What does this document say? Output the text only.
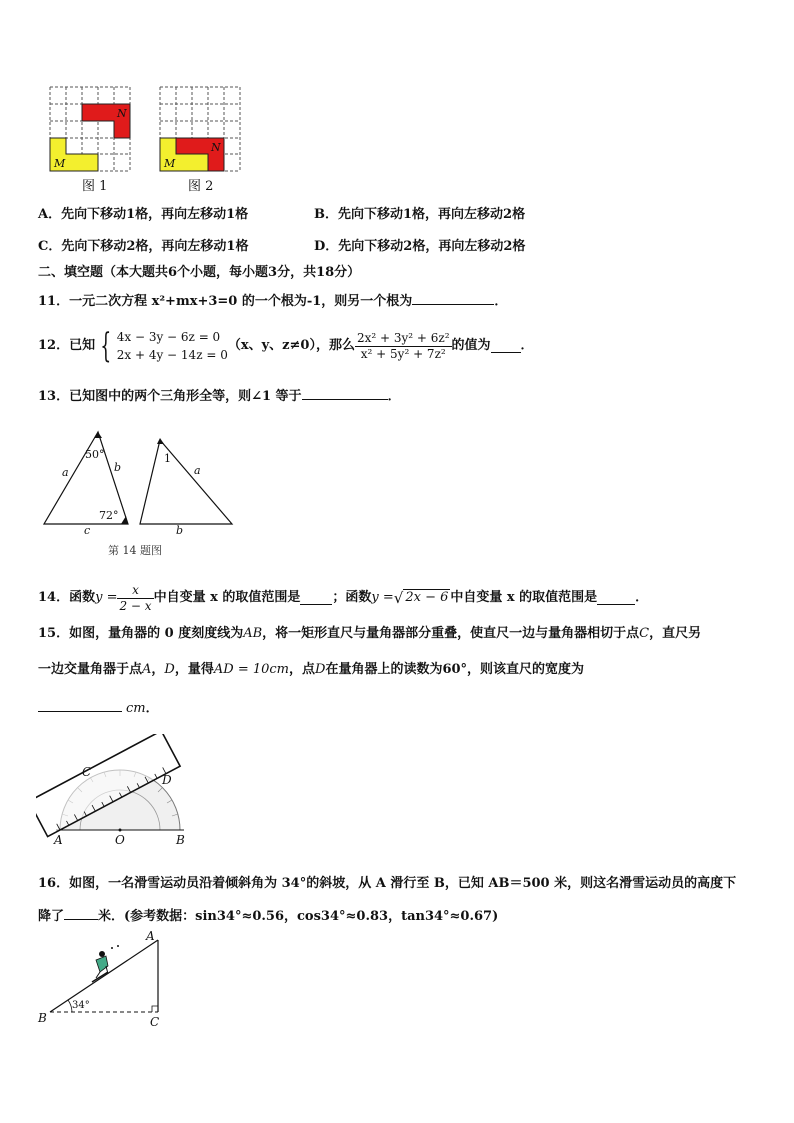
N
M
图 1
N
M
图 2
A．先向下移动1格，再向左移动1格	B．先向下移动1格，再向左移动2格
C．先向下移动2格，再向左移动1格	D．先向下移动2格，再向左移动2格
二、填空题（本大题共6个小题，每小题3分，共18分）
11．一元二次方程 x²+mx+3=0 的一个根为-1，则另一个根为	．
12．已知 { 4x − 3y − 6z = 0
2x + 4y − 14z = 0
（x、y、z≠0），那么 $\frac{\text{2x² + 3y² + 6z²}}{\text{x² + 5y² + 7z²}}$ 的值为 ．
13．已知图中的两个三角形全等，则∠1 等于	．
50°
72°
a	b
c
1
a
b
第 14 题图
14．函数$y = \frac{x}{2 - x}$ 中自变量 x 的取值范围是 ；函数y =√ 2x − 6 中自变量 x 的取值范围是	．
15．如图，量角器的 0 度刻度线为AB，将一矩形直尺与量角器部分重叠，使直尺一边与量角器相切于点C，直尺另
一边交量角器于点A，D，量得AD = 10cm，点D在量角器上的读数为60°，则该直尺的宽度为
cm．
A	O	B
C
D
16．如图，一名滑雪运动员沿着倾斜角为 34°的斜坡，从 A 滑行至 B，已知 AB＝500 米，则这名滑雪运动员的高度下
降了	米．(参考数据：sin34°≈0.56，cos34°≈0.83，tan34°≈0.67)
34°
A
B	C
